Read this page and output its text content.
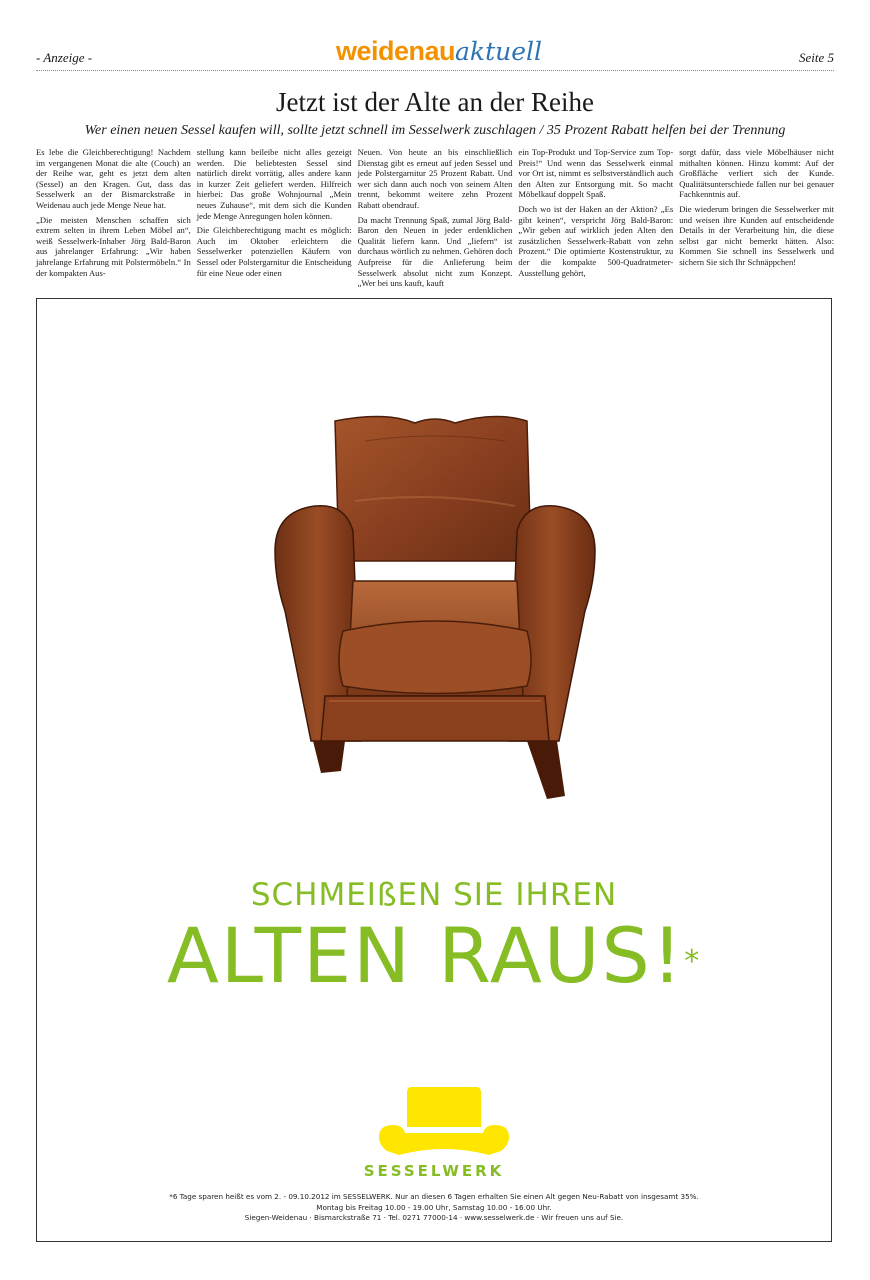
- Anzeige -	weidenauaktuell	Seite 5
Jetzt ist der Alte an der Reihe
Wer einen neuen Sessel kaufen will, sollte jetzt schnell im Sesselwerk zuschlagen / 35 Prozent Rabatt helfen bei der Trennung

Es lebe die Gleichberechtigung! Nachdem im vergangenen Monat die alte (Couch) an der Reihe war, geht es jetzt dem alten (Sessel) an den Kragen. Gut, dass das Sesselwerk an der Bismarckstraße in Weidenau auch jede Menge Neue hat.

„Die meisten Menschen schaffen sich extrem selten in ihrem Leben Möbel an“, weiß Sesselwerk-Inhaber Jörg Bald-Baron aus jahrelanger Erfahrung: „Wir haben jahrelange Erfahrung mit Polstermöbeln.“ In der kompakten Aus-

stellung kann beileibe nicht alles gezeigt werden. Die beliebtesten Sessel sind natürlich direkt vorrätig, alles andere kann in kurzer Zeit geliefert werden. Hilfreich hierbei: Das große Wohnjournal „Mein neues Zuhause“, mit dem sich die Kunden jede Menge Anregungen holen können.

Die Gleichberechtigung macht es möglich: Auch im Oktober erleichtern die Sesselwerker potenziellen Käufern von Sessel oder Polstergarnitur die Entscheidung für eine Neue oder einen

Neuen. Von heute an bis einschließlich Dienstag gibt es erneut auf jeden Sessel und jede Polstergarnitur 25 Prozent Rabatt. Und wer sich dann auch noch von seinem Alten trennt, bekommt weitere zehn Prozent Rabatt obendrauf.

Da macht Trennung Spaß, zumal Jörg Bald-Baron den Neuen in jeder erdenklichen Qualität liefern kann. Und „liefern“ ist durchaus wörtlich zu nehmen. Gehören doch Aufpreise für die Anlieferung beim Sesselwerk absolut nicht zum Konzept. „Wer bei uns kauft, kauft

ein Top-Produkt und Top-Service zum Top-Preis!“ Und wenn das Sesselwerk einmal vor Ort ist, nimmt es selbstverständlich auch den Alten zur Entsorgung mit. So macht Möbelkauf doppelt Spaß.

Doch wo ist der Haken an der Aktion? „Es gibt keinen“, verspricht Jörg Bald-Baron: „Wir geben auf wirklich jeden Alten den zusätzlichen Sesselwerk-Rabatt von zehn Prozent.“ Die optimierte Kostenstruktur, zu der die kompakte 500-Quadratmeter-Ausstellung gehört,

sorgt dafür, dass viele Möbelhäuser nicht mithalten können. Hinzu kommt: Auf der Großfläche verliert sich der Kunde. Qualitätsunterschiede fallen nur bei genauer Fachkenntnis auf.

Die wiederum bringen die Sesselwerker mit und weisen ihre Kunden auf entscheidende Details in der Verarbeitung hin, die diese selbst gar nicht bemerkt hätten. Also: Kommen Sie schnell ins Sesselwerk und sichern Sie sich Ihr Schnäppchen!

SCHMEIßEN SIE IHREN
ALTEN RAUS!*
SESSELWERK
*6 Tage sparen heißt es vom 2. - 09.10.2012 im SESSELWERK. Nur an diesen 6 Tagen erhalten Sie einen Alt gegen Neu-Rabatt von insgesamt 35%.
Montag bis Freitag 10.00 - 19.00 Uhr, Samstag 10.00 - 16.00 Uhr.
Siegen-Weidenau · Bismarckstraße 71 · Tel. 0271 77000-14 · www.sesselwerk.de · Wir freuen uns auf Sie.
